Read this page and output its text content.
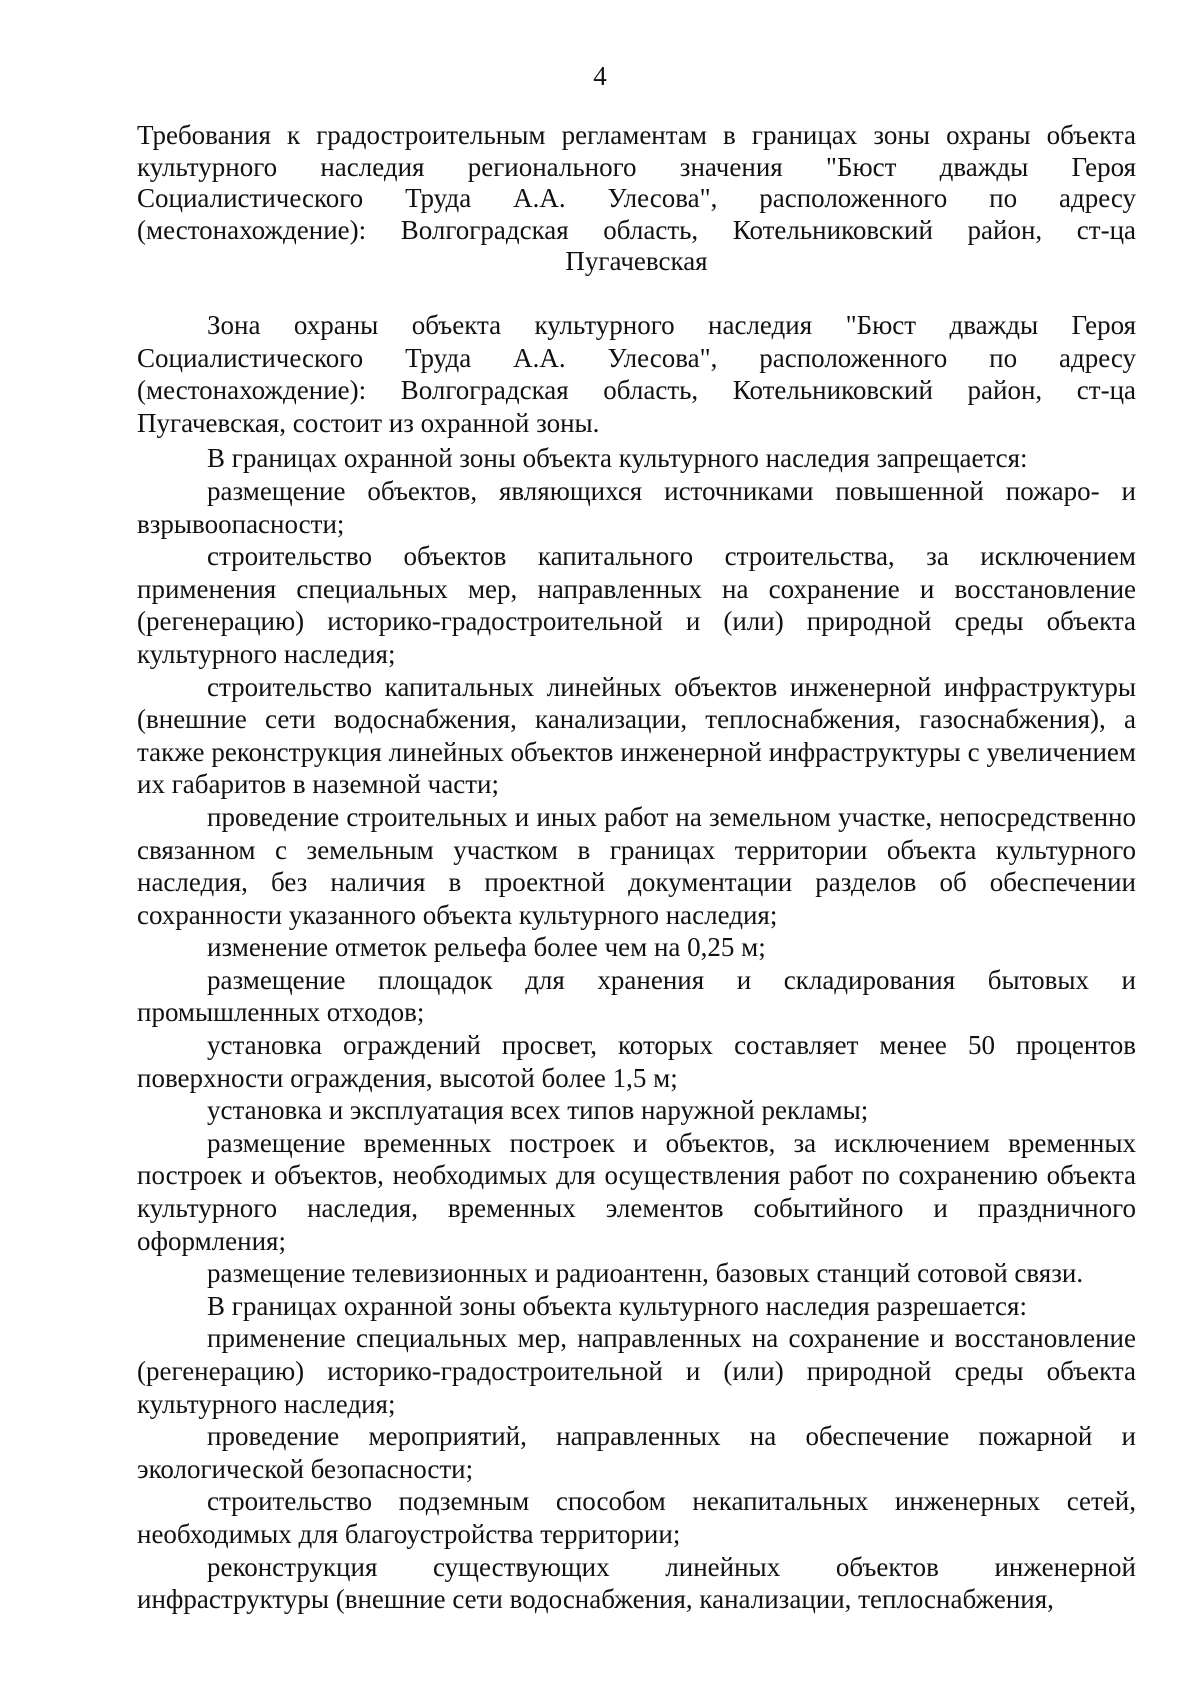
4

Требования к градостроительным регламентам в границах зоны охраны объекта культурного наследия регионального значения "Бюст дважды Героя Социалистического Труда А.А. Улесова", расположенного по адресу (местонахождение): Волгоградская область, Котельниковский район, ст-ца Пугачевская

Зона охраны объекта культурного наследия "Бюст дважды Героя Социалистического Труда А.А. Улесова", расположенного по адресу (местонахождение): Волгоградская область, Котельниковский район, ст-ца Пугачевская, состоит из охранной зоны.

В границах охранной зоны объекта культурного наследия запрещается:

размещение объектов, являющихся источниками повышенной пожаро- и взрывоопасности;

строительство объектов капитального строительства, за исключением применения специальных мер, направленных на сохранение и восстановление (регенерацию) историко-градостроительной и (или) природной среды объекта культурного наследия;

строительство капитальных линейных объектов инженерной инфраструктуры (внешние сети водоснабжения, канализации, теплоснабжения, газоснабжения), а также реконструкция линейных объектов инженерной инфраструктуры с увеличением их габаритов в наземной части;

проведение строительных и иных работ на земельном участке, непосредственно связанном с земельным участком в границах территории объекта культурного наследия, без наличия в проектной документации разделов об обеспечении сохранности указанного объекта культурного наследия;

изменение отметок рельефа более чем на 0,25 м;

размещение площадок для хранения и складирования бытовых и промышленных отходов;

установка ограждений просвет, которых составляет менее 50 процентов поверхности ограждения, высотой более 1,5 м;

установка и эксплуатация всех типов наружной рекламы;

размещение временных построек и объектов, за исключением временных построек и объектов, необходимых для осуществления работ по сохранению объекта культурного наследия, временных элементов событийного и праздничного оформления;

размещение телевизионных и радиоантенн, базовых станций сотовой связи.

В границах охранной зоны объекта культурного наследия разрешается:

применение специальных мер, направленных на сохранение и восстановление (регенерацию) историко-градостроительной и (или) природной среды объекта культурного наследия;

проведение мероприятий, направленных на обеспечение пожарной и экологической безопасности;

строительство подземным способом некапитальных инженерных сетей, необходимых для благоустройства территории;

реконструкция существующих линейных объектов инженерной инфраструктуры (внешние сети водоснабжения, канализации, теплоснабжения,
